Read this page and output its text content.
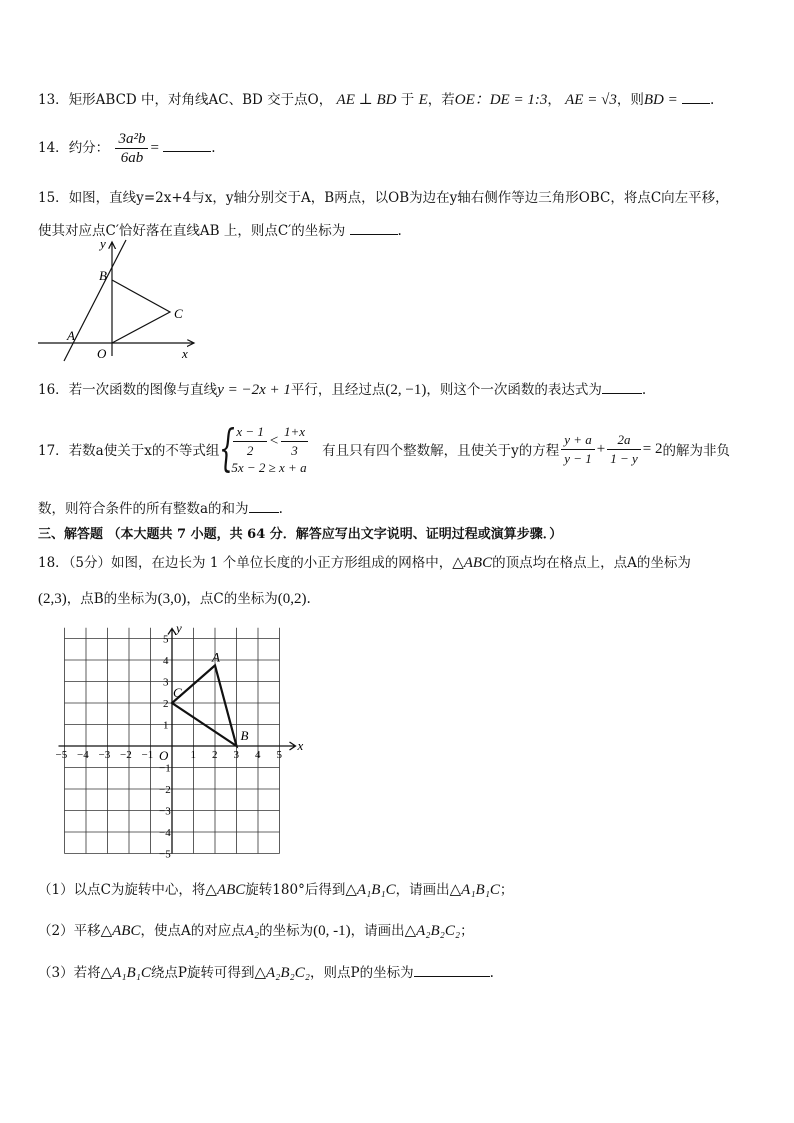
13．矩形ABCD 中，对角线AC、BD 交于点O， AE ⊥ BD 于 E，若OE：DE = 1:3， AE = √3，则BD = .
14．约分： $\frac{\text{3a²b}}{6ab}$ =	.
15．如图，直线y=2x+4与x，y轴分别交于A，B两点，以OB为边在y轴右侧作等边三角形OBC，将点C向左平移，
使其对应点C′恰好落在直线AB 上，则点C′的坐标为	.
y
x
B
A
C
O
16．若一次函数的图像与直线y = −2x + 1平行，且经过点(2, −1)，则这个一次函数的表达式为	.
17． 若数a使关于x的不等式组 {
$\frac{x - 1}{2} < \frac{1+x}{3}$
5x − 2 ≥ x + a
有且只有四个整数解，且使关于y的方程 $\frac{y + a}{y - 1} + \frac{2a}{1 - y} = 2$ 的解为非负
数，则符合条件的所有整数a的和为 .
三、解答题 （本大题共 7 小题，共 64 分．解答应写出文字说明、证明过程或演算步骤．）
18．（5分）如图，在边长为 1 个单位长度的小正方形组成的网格中，△ABC的顶点均在格点上，点A的坐标为
(2,3)，点B的坐标为(3,0)，点C的坐标为(0,2).
−5 −4 −3 −2 −1	1 2 3 4 5
5
4
3
2
1
−1
−2
−3
−4
−5
A
B
C
O
x
y
（1）以点C为旋转中心，将△ABC旋转180°后得到△A₁B₁C，请画出△A₁B₁C；
（2）平移△ABC，使点A的对应点A₂的坐标为(0, -1)，请画出△A₂B₂C₂；
（3）若将△A₁B₁C绕点P旋转可得到△A₂B₂C₂，则点P的坐标为	.
